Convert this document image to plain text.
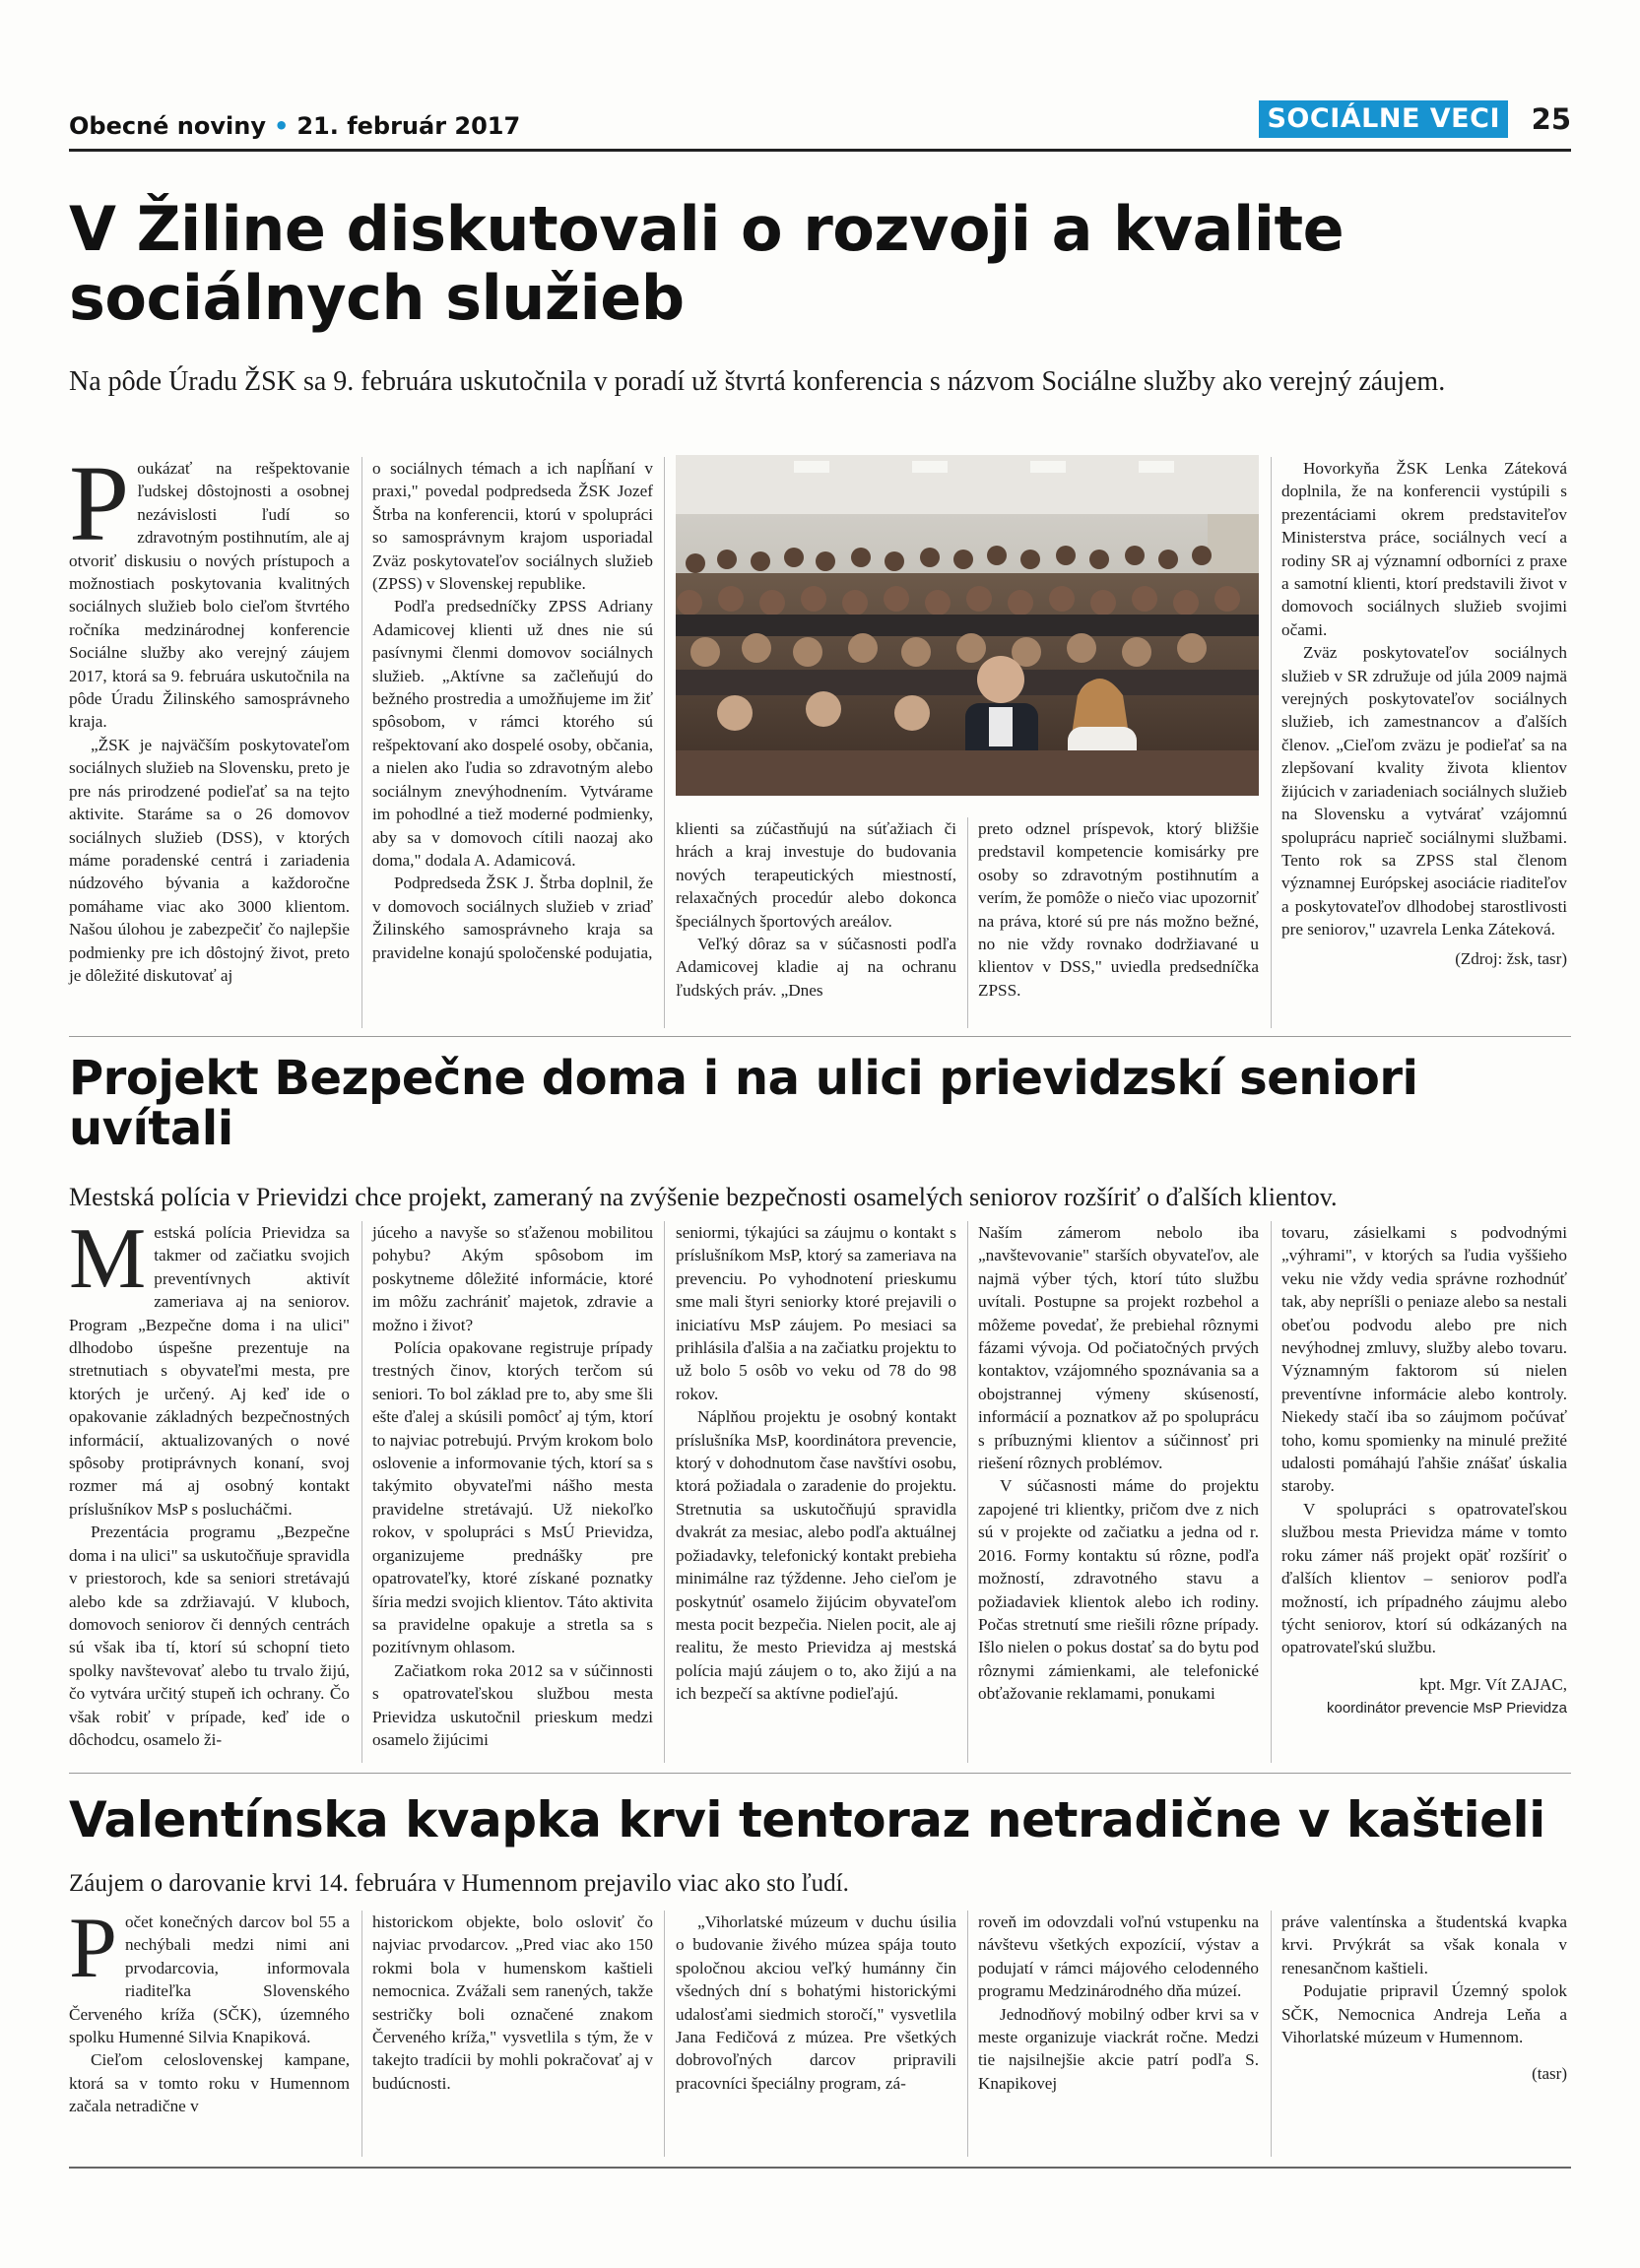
Obecné noviny • 21. február 2017	SOCIÁLNE VECI 25
V Žiline diskutovali o rozvoji a kvalite sociálnych služieb
Na pôde Úradu ŽSK sa 9. februára uskutočnila v poradí už štvrtá konferencia s názvom Sociálne služby ako verejný záujem.

Poukázať na rešpektovanie ľudskej dôstojnosti a osobnej nezávislosti ľudí so zdravotným postihnutím, ale aj otvoriť diskusiu o nových prístupoch a možnostiach poskytovania kvalitných sociálnych služieb bolo cieľom štvrtého ročníka medzinárodnej konferencie Sociálne služby ako verejný záujem 2017, ktorá sa 9. februára uskutočnila na pôde Úradu Žilinského samosprávneho kraja.

„ŽSK je najväčším poskytovateľom sociálnych služieb na Slovensku, preto je pre nás prirodzené podieľať sa na tejto aktivite. Staráme sa o 26 domovov sociálnych služieb (DSS), v ktorých máme poradenské centrá i zariadenia núdzového bývania a každoročne pomáhame viac ako 3000 klientom. Našou úlohou je zabezpečiť čo najlepšie podmienky pre ich dôstojný život, preto je dôležité diskutovať aj

o sociálnych témach a ich napĺňaní v praxi," povedal podpredseda ŽSK Jozef Štrba na konferencii, ktorú v spolupráci so samosprávnym krajom usporiadal Zväz poskytovateľov sociálnych služieb (ZPSS) v Slovenskej republike.

Podľa predsedníčky ZPSS Adriany Adamicovej klienti už dnes nie sú pasívnymi členmi domovov sociálnych služieb. „Aktívne sa začleňujú do bežného prostredia a umožňujeme im žiť spôsobom, v rámci ktorého sú rešpektovaní ako dospelé osoby, občania, a nielen ako ľudia so zdravotným alebo sociálnym znevýhodnením. Vytvárame im pohodlné a tiež moderné podmienky, aby sa v domovoch cítili naozaj ako doma," dodala A. Adamicová.

Podpredseda ŽSK J. Štrba doplnil, že v domovoch sociálnych služieb v zriaď Žilinského samosprávneho kraja sa pravidelne konajú spoločenské podujatia,

klienti sa zúčastňujú na súťažiach či hrách a kraj investuje do budovania nových terapeutických miestností, relaxačných procedúr alebo dokonca špeciálnych športových areálov.

Veľký dôraz sa v súčasnosti podľa Adamicovej kladie aj na ochranu ľudských práv. „Dnes

preto odznel príspevok, ktorý bližšie predstavil kompetencie komisárky pre osoby so zdravotným postihnutím a verím, že pomôže o niečo viac upozorniť na práva, ktoré sú pre nás možno bežné, no nie vždy rovnako dodržiavané u klientov v DSS," uviedla predsedníčka ZPSS.

Hovorkyňa ŽSK Lenka Záteková doplnila, že na konferencii vystúpili s prezentáciami okrem predstaviteľov Ministerstva práce, sociálnych vecí a rodiny SR aj významní odborníci z praxe a samotní klienti, ktorí predstavili život v domovoch sociálnych služieb svojimi očami.

Zväz poskytovateľov sociálnych služieb v SR združuje od júla 2009 najmä verejných poskytovateľov sociálnych služieb, ich zamestnancov a ďalších členov. „Cieľom zväzu je podieľať sa na zlepšovaní kvality života klientov žijúcich v zariadeniach sociálnych služieb na Slovensku a vytvárať vzájomnú spoluprácu naprieč sociálnymi službami. Tento rok sa ZPSS stal členom významnej Európskej asociácie riaditeľov a poskytovateľov dlhodobej starostlivosti pre seniorov," uzavrela Lenka Záteková.

(Zdroj: žsk, tasr)
Projekt Bezpečne doma i na ulici prievidzskí seniori uvítali
Mestská polícia v Prievidzi chce projekt, zameraný na zvýšenie bezpečnosti osamelých seniorov rozšíriť o ďalších klientov.

Mestská polícia Prievidza sa takmer od začiatku svojich preventívnych aktivít zameriava aj na seniorov. Program „Bezpečne doma i na ulici" dlhodobo úspešne prezentuje na stretnutiach s obyvateľmi mesta, pre ktorých je určený. Aj keď ide o opakovanie základných bezpečnostných informácií, aktualizovaných o nové spôsoby protiprávnych konaní, svoj rozmer má aj osobný kontakt príslušníkov MsP s poslucháčmi.

Prezentácia programu „Bezpečne doma i na ulici" sa uskutočňuje spravidla v priestoroch, kde sa seniori stretávajú alebo kde sa zdržiavajú. V kluboch, domovoch seniorov či denných centrách sú však iba tí, ktorí sú schopní tieto spolky navštevovať alebo tu trvalo žijú, čo vytvára určitý stupeň ich ochrany. Čo však robiť v prípade, keď ide o dôchodcu, osamelo ži-

júceho a navyše so sťaženou mobilitou pohybu? Akým spôsobom im poskytneme dôležité informácie, ktoré im môžu zachrániť majetok, zdravie a možno i život?

Polícia opakovane registruje prípady trestných činov, ktorých terčom sú seniori. To bol základ pre to, aby sme šli ešte ďalej a skúsili pomôcť aj tým, ktorí to najviac potrebujú. Prvým krokom bolo oslovenie a informovanie tých, ktorí sa s takýmito obyvateľmi nášho mesta pravidelne stretávajú. Už niekoľko rokov, v spolupráci s MsÚ Prievidza, organizujeme prednášky pre opatrovateľky, ktoré získané poznatky šíria medzi svojich klientov. Táto aktivita sa pravidelne opakuje a stretla sa s pozitívnym ohlasom.

Začiatkom roka 2012 sa v súčinnosti s opatrovateľskou službou mesta Prievidza uskutočnil prieskum medzi osamelo žijúcimi

seniormi, týkajúci sa záujmu o kontakt s príslušníkom MsP, ktorý sa zameriava na prevenciu. Po vyhodnotení prieskumu sme mali štyri seniorky ktoré prejavili o iniciatívu MsP záujem. Po mesiaci sa prihlásila ďalšia a na začiatku projektu to už bolo 5 osôb vo veku od 78 do 98 rokov.

Náplňou projektu je osobný kontakt príslušníka MsP, koordinátora prevencie, ktorý v dohodnutom čase navštívi osobu, ktorá požiadala o zaradenie do projektu. Stretnutia sa uskutočňujú spravidla dvakrát za mesiac, alebo podľa aktuálnej požiadavky, telefonický kontakt prebieha minimálne raz týždenne. Jeho cieľom je poskytnúť osamelo žijúcim obyvateľom mesta pocit bezpečia. Nielen pocit, ale aj realitu, že mesto Prievidza aj mestská polícia majú záujem o to, ako žijú a na ich bezpečí sa aktívne podieľajú.

Naším zámerom nebolo iba „navštevovanie" starších obyvateľov, ale najmä výber tých, ktorí túto službu uvítali. Postupne sa projekt rozbehol a môžeme povedať, že prebiehal rôznymi fázami vývoja. Od počiatočných prvých kontaktov, vzájomného spoznávania sa a obojstrannej výmeny skúseností, informácií a poznatkov až po spoluprácu s príbuznými klientov a súčinnosť pri riešení rôznych problémov.

V súčasnosti máme do projektu zapojené tri klientky, pričom dve z nich sú v projekte od začiatku a jedna od r. 2016. Formy kontaktu sú rôzne, podľa možností, zdravotného stavu a požiadaviek klientok alebo ich rodiny. Počas stretnutí sme riešili rôzne prípady. Išlo nielen o pokus dostať sa do bytu pod rôznymi zámienkami, ale telefonické obťažovanie reklamami, ponukami

tovaru, zásielkami s podvodnými „výhrami", v ktorých sa ľudia vyššieho veku nie vždy vedia správne rozhodnúť tak, aby nepríšli o peniaze alebo sa nestali obeťou podvodu alebo pre nich nevýhodnej zmluvy, služby alebo tovaru. Významným faktorom sú nielen preventívne informácie alebo kontroly. Niekedy stačí iba so záujmom počúvať toho, komu spomienky na minulé prežité udalosti pomáhajú ľahšie znášať úskalia staroby.

V spolupráci s opatrovateľskou službou mesta Prievidza máme v tomto roku zámer náš projekt opäť rozšíriť o ďalších klientov – seniorov podľa možností, ich prípadného záujmu alebo týcht seniorov, ktorí sú odkázaných na opatrovateľskú službu.

kpt. Mgr. Vít ZAJAC,
koordinátor prevencie MsP Prievidza
Valentínska kvapka krvi tentoraz netradične v kaštieli
Záujem o darovanie krvi 14. februára v Humennom prejavilo viac ako sto ľudí.

Počet konečných darcov bol 55 a nechýbali medzi nimi ani prvodarcovia, informovala riaditeľka Slovenského Červeného kríža (SČK), územného spolku Humenné Silvia Knapiková.

Cieľom celoslovenskej kampane, ktorá sa v tomto roku v Humennom začala netradične v

historickom objekte, bolo osloviť čo najviac prvodarcov. „Pred viac ako 150 rokmi bola v humenskom kaštieli nemocnica. Zvážali sem ranených, takže sestričky boli označené znakom Červeného kríža," vysvetlila s tým, že v takejto tradícii by mohli pokračovať aj v budúcnosti.

„Vihorlatské múzeum v duchu úsilia o budovanie živého múzea spája touto spoločnou akciou veľký humánny čin všedných dní s bohatými historickými udalosťami siedmich storočí," vysvetlila Jana Fedičová z múzea. Pre všetkých dobrovoľných darcov pripravili pracovníci špeciálny program, zá-

roveň im odovzdali voľnú vstupenku na návštevu všetkých expozícií, výstav a podujatí v rámci májového celodenného programu Medzinárodného dňa múzeí.

Jednodňový mobilný odber krvi sa v meste organizuje viackrát ročne. Medzi tie najsilnejšie akcie patrí podľa S. Knapikovej

práve valentínska a študentská kvapka krvi. Prvýkrát sa však konala v renesančnom kaštieli.

Podujatie pripravil Územný spolok SČK, Nemocnica Andreja Leňa a Vihorlatské múzeum v Humennom.

(tasr)
